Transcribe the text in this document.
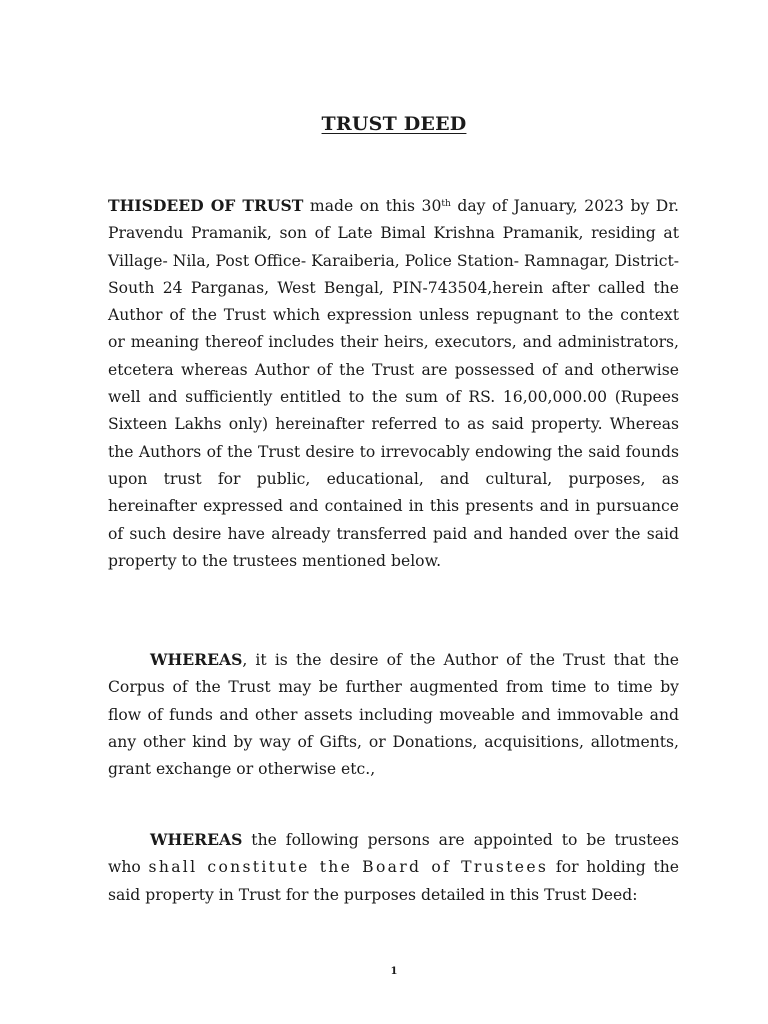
TRUST DEED
THISDEED OF TRUST made on this 30th day of January, 2023 by Dr. Pravendu Pramanik, son of Late Bimal Krishna Pramanik, residing at Village- Nila, Post Office- Karaiberia, Police Station- Ramnagar, District- South 24 Parganas, West Bengal, PIN-743504,herein after called the Author of the Trust which expression unless repugnant to the context or meaning thereof includes their heirs, executors, and administrators, etcetera whereas Author of the Trust are possessed of and otherwise well and sufficiently entitled to the sum of RS. 16,00,000.00 (Rupees Sixteen Lakhs only) hereinafter referred to as said property. Whereas the Authors of the Trust desire to irrevocably endowing the said founds upon trust for public, educational, and cultural, purposes, as hereinafter expressed and contained in this presents and in pursuance of such desire have already transferred paid and handed over the said property to the trustees mentioned below.
WHEREAS, it is the desire of the Author of the Trust that the Corpus of the Trust may be further augmented from time to time by flow of funds and other assets including moveable and immovable and any other kind by way of Gifts, or Donations, acquisitions, allotments, grant exchange or otherwise etc.,
WHEREAS the following persons are appointed to be trustees who shall constitute the Board of Trustees for holding the said property in Trust for the purposes detailed in this Trust Deed:
1
